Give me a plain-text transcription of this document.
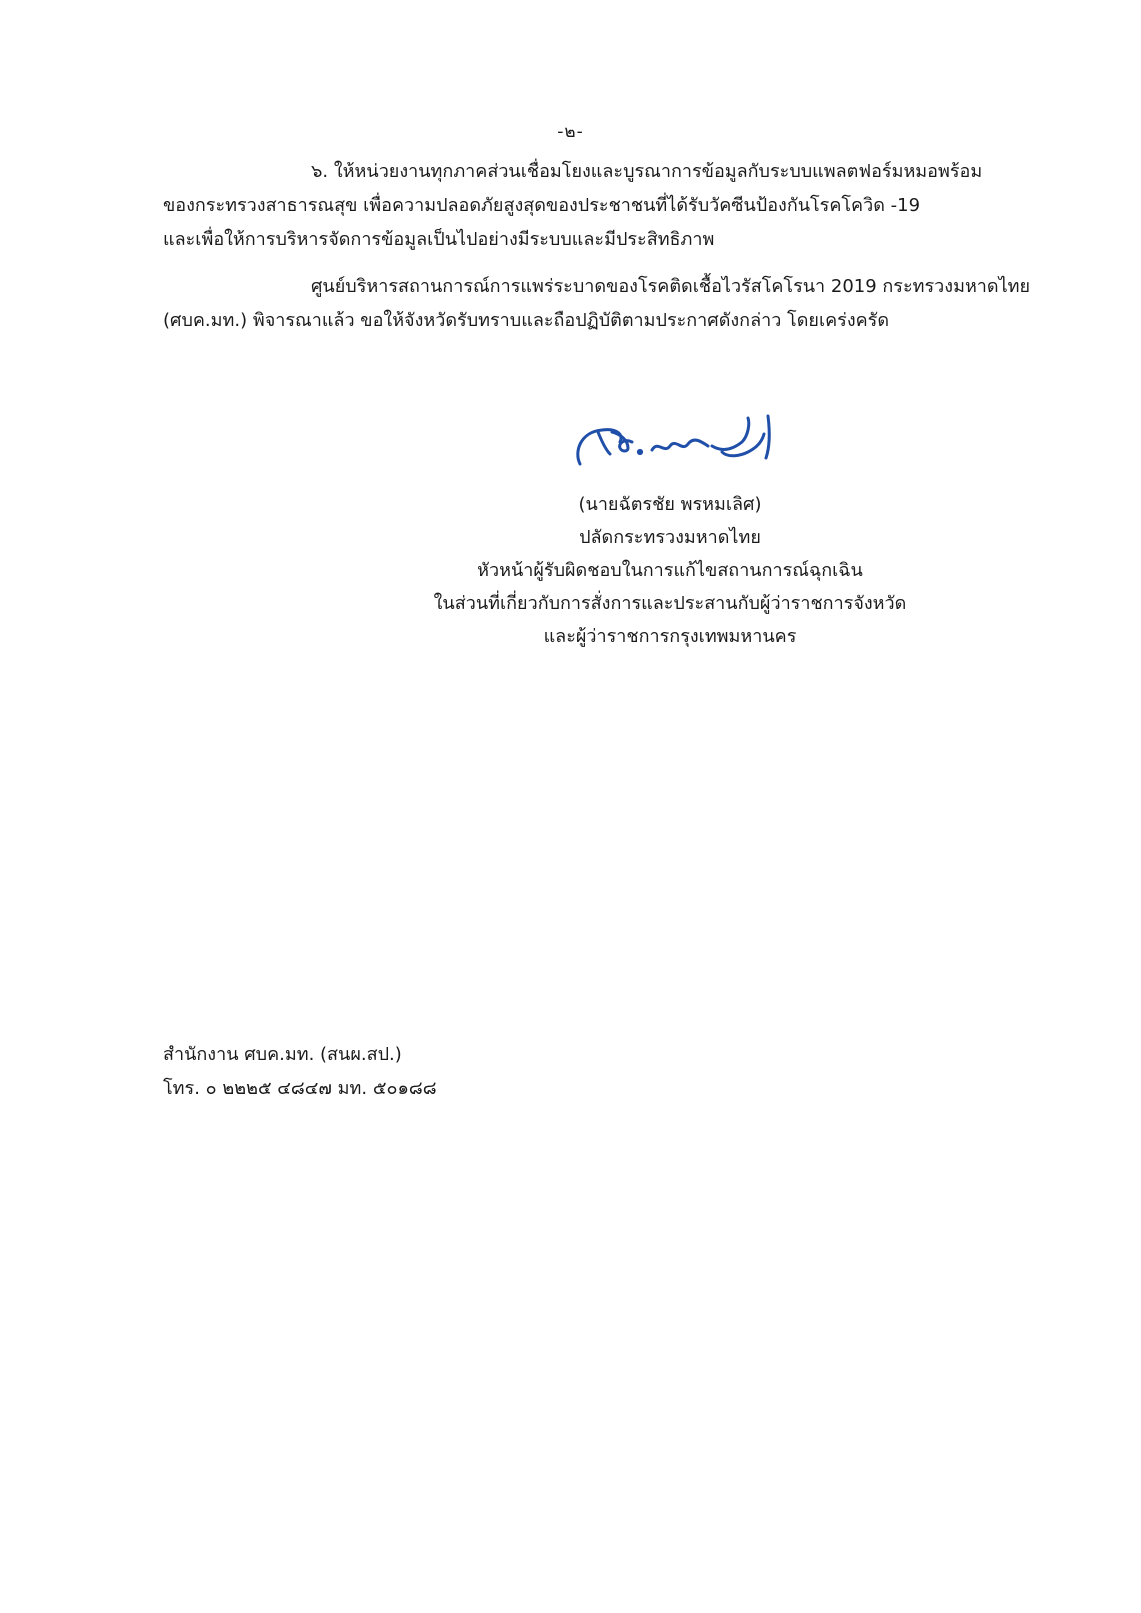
-๒-
๖. ให้หน่วยงานทุกภาคส่วนเชื่อมโยงและบูรณาการข้อมูลกับระบบแพลตฟอร์มหมอพร้อม
ของกระทรวงสาธารณสุข เพื่อความปลอดภัยสูงสุดของประชาชนที่ได้รับวัคซีนป้องกันโรคโควิด -19
และเพื่อให้การบริหารจัดการข้อมูลเป็นไปอย่างมีระบบและมีประสิทธิภาพ
ศูนย์บริหารสถานการณ์การแพร่ระบาดของโรคติดเชื้อไวรัสโคโรนา 2019 กระทรวงมหาดไทย
(ศบค.มท.) พิจารณาแล้ว ขอให้จังหวัดรับทราบและถือปฏิบัติตามประกาศดังกล่าว โดยเคร่งครัด
(นายฉัตรชัย พรหมเลิศ)
ปลัดกระทรวงมหาดไทย
หัวหน้าผู้รับผิดชอบในการแก้ไขสถานการณ์ฉุกเฉิน
ในส่วนที่เกี่ยวกับการสั่งการและประสานกับผู้ว่าราชการจังหวัด
และผู้ว่าราชการกรุงเทพมหานคร
สำนักงาน ศบค.มท. (สนผ.สป.)
โทร. ๐ ๒๒๒๕ ๔๘๔๗ มท. ๕๐๑๘๘
